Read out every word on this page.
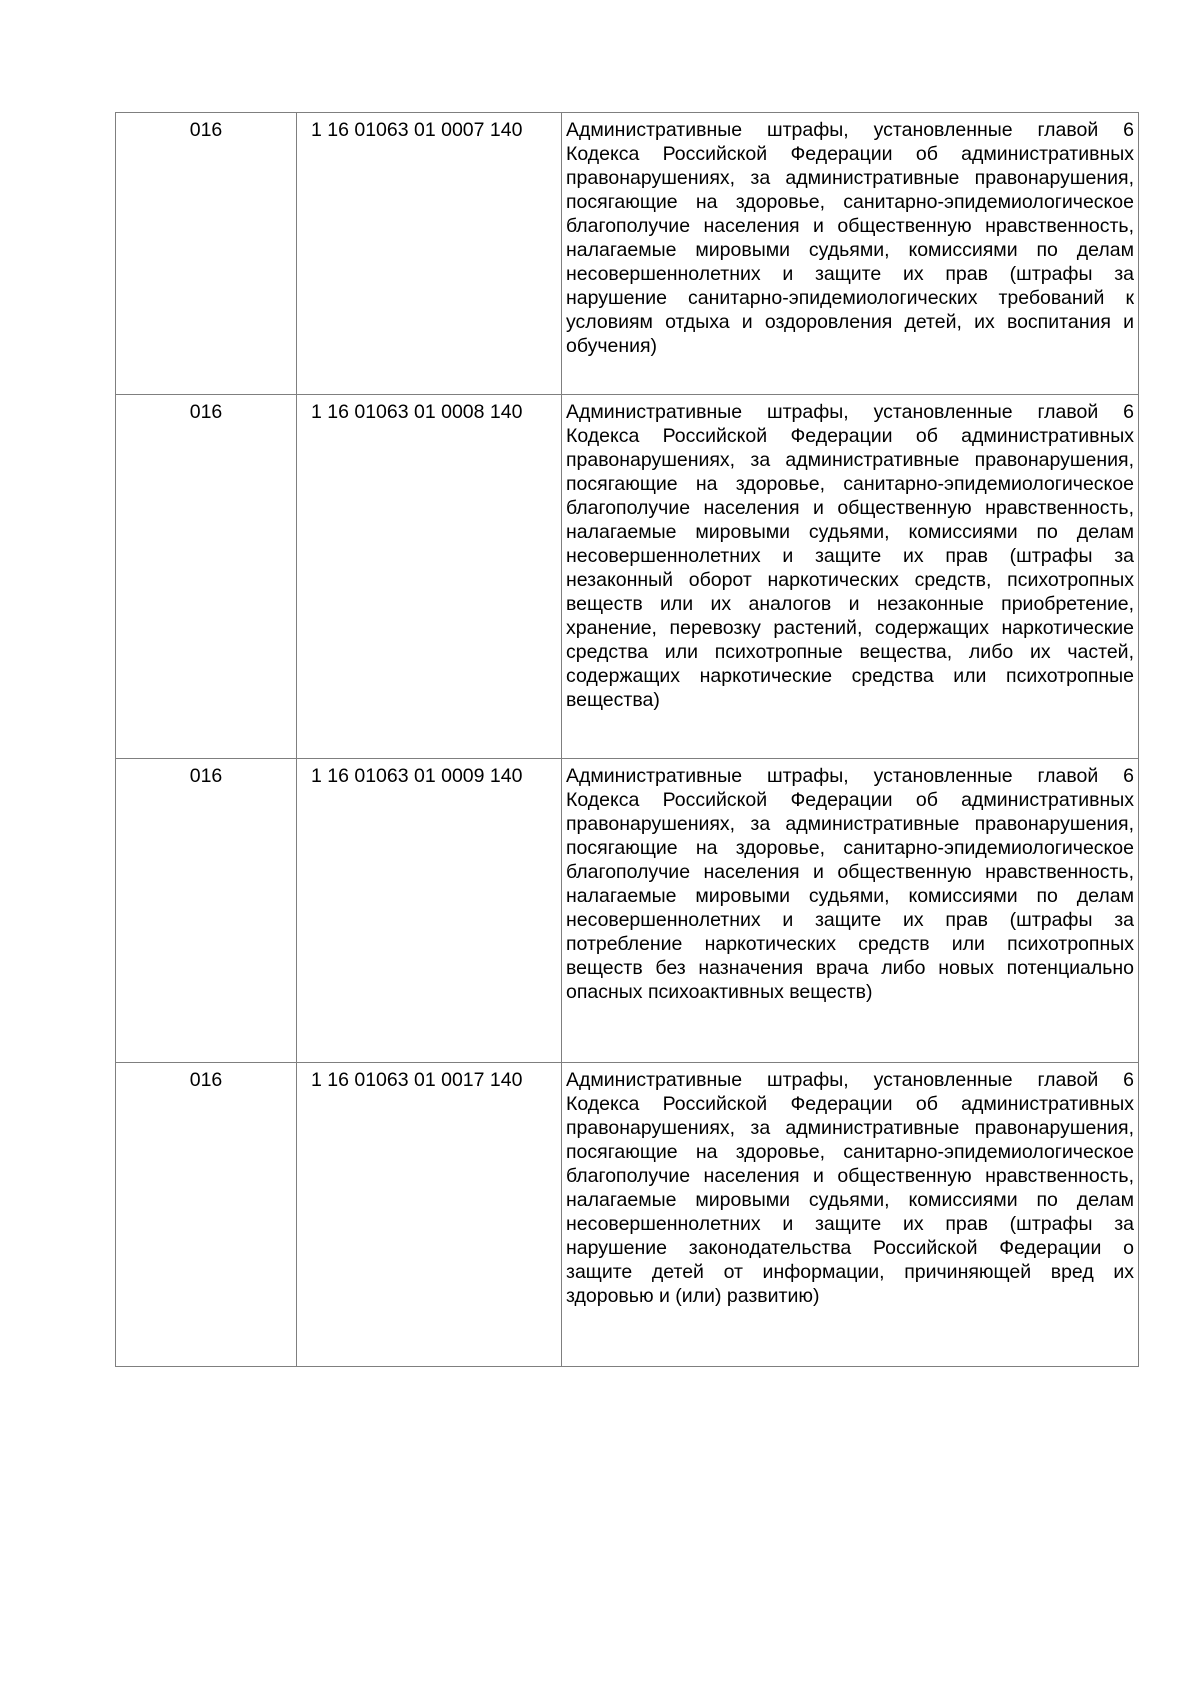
016	1 16 01063 01 0007 140	Административные штрафы, установленные главой 6 Кодекса Российской Федерации об административных правонарушениях, за административные правонарушения, посягающие на здоровье, санитарно-эпидемиологическое благополучие населения и общественную нравственность, налагаемые мировыми судьями, комиссиями по делам несовершеннолетних и защите их прав (штрафы за нарушение санитарно-эпидемиологических требований к условиям отдыха и оздоровления детей, их воспитания и обучения)
016	1 16 01063 01 0008 140	Административные штрафы, установленные главой 6 Кодекса Российской Федерации об административных правонарушениях, за административные правонарушения, посягающие на здоровье, санитарно-эпидемиологическое благополучие населения и общественную нравственность, налагаемые мировыми судьями, комиссиями по делам несовершеннолетних и защите их прав (штрафы за незаконный оборот наркотических средств, психотропных веществ или их аналогов и незаконные приобретение, хранение, перевозку растений, содержащих наркотические средства или психотропные вещества, либо их частей, содержащих наркотические средства или психотропные вещества)
016	1 16 01063 01 0009 140	Административные штрафы, установленные главой 6 Кодекса Российской Федерации об административных правонарушениях, за административные правонарушения, посягающие на здоровье, санитарно-эпидемиологическое благополучие населения и общественную нравственность, налагаемые мировыми судьями, комиссиями по делам несовершеннолетних и защите их прав (штрафы за потребление наркотических средств или психотропных веществ без назначения врача либо новых потенциально опасных психоактивных веществ)
016	1 16 01063 01 0017 140	Административные штрафы, установленные главой 6 Кодекса Российской Федерации об административных правонарушениях, за административные правонарушения, посягающие на здоровье, санитарно-эпидемиологическое благополучие населения и общественную нравственность, налагаемые мировыми судьями, комиссиями по делам несовершеннолетних и защите их прав (штрафы за нарушение законодательства Российской Федерации о защите детей от информации, причиняющей вред их здоровью и (или) развитию)
